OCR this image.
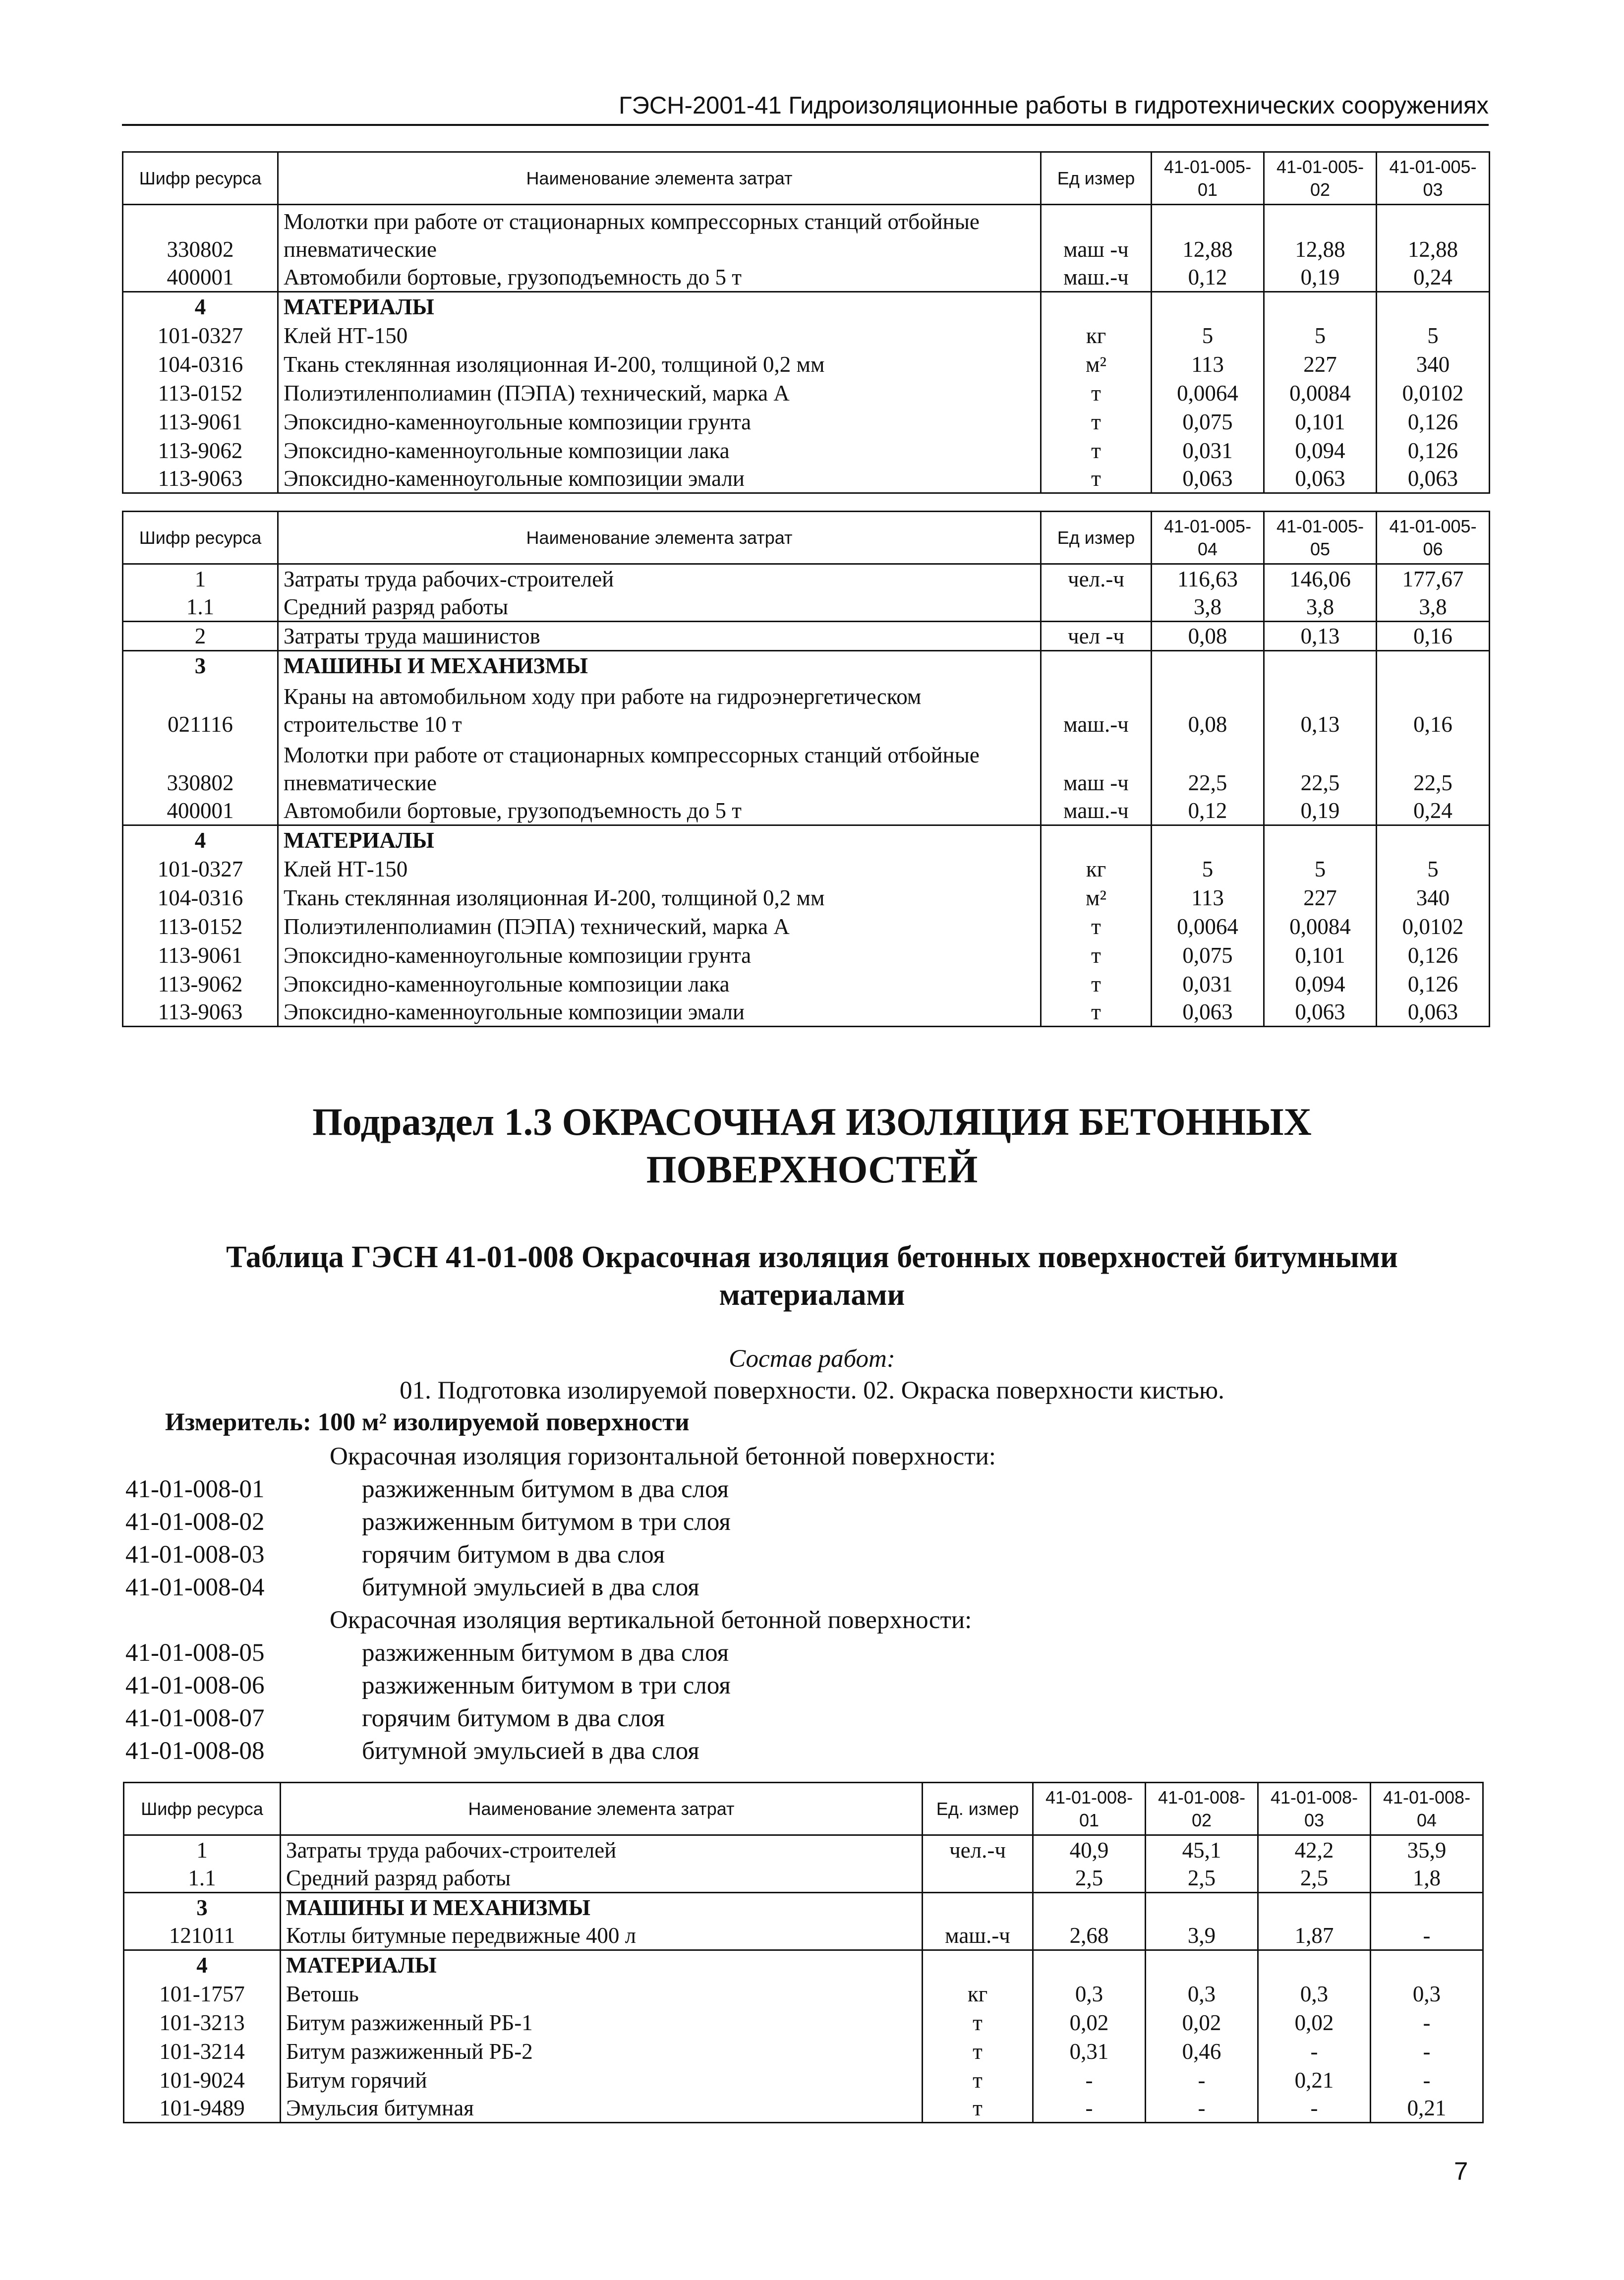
ГЭСН-2001-41 Гидроизоляционные работы в гидротехнических сооружениях
Шифр ресурса	Наименование элемента затрат	Ед измер	41-01-005-01	41-01-005-02	41-01-005-03
330802	Молотки при работе от стационарных компрессорных станций отбойные пневматические	маш -ч	12,88	12,88	12,88
400001	Автомобили бортовые, грузоподъемность до 5 т	маш.-ч	0,12	0,19	0,24
4	МАТЕРИАЛЫ				
101-0327	Клей НТ-150	кг	5	5	5
104-0316	Ткань стеклянная изоляционная И-200, толщиной 0,2 мм	м²	113	227	340
113-0152	Полиэтиленполиамин (ПЭПА) технический, марка А	т	0,0064	0,0084	0,0102
113-9061	Эпоксидно-каменноугольные композиции грунта	т	0,075	0,101	0,126
113-9062	Эпоксидно-каменноугольные композиции лака	т	0,031	0,094	0,126
113-9063	Эпоксидно-каменноугольные композиции эмали	т	0,063	0,063	0,063
Шифр ресурса	Наименование элемента затрат	Ед измер	41-01-005-04	41-01-005-05	41-01-005-06
1	Затраты труда рабочих-строителей	чел.-ч	116,63	146,06	177,67
1.1	Средний разряд работы		3,8	3,8	3,8
2	Затраты труда машинистов	чел -ч	0,08	0,13	0,16
3	МАШИНЫ И МЕХАНИЗМЫ				
021116	Краны на автомобильном ходу при работе на гидроэнергетическом строительстве 10 т	маш.-ч	0,08	0,13	0,16
330802	Молотки при работе от стационарных компрессорных станций отбойные пневматические	маш -ч	22,5	22,5	22,5
400001	Автомобили бортовые, грузоподъемность до 5 т	маш.-ч	0,12	0,19	0,24
4	МАТЕРИАЛЫ				
101-0327	Клей НТ-150	кг	5	5	5
104-0316	Ткань стеклянная изоляционная И-200, толщиной 0,2 мм	м²	113	227	340
113-0152	Полиэтиленполиамин (ПЭПА) технический, марка А	т	0,0064	0,0084	0,0102
113-9061	Эпоксидно-каменноугольные композиции грунта	т	0,075	0,101	0,126
113-9062	Эпоксидно-каменноугольные композиции лака	т	0,031	0,094	0,126
113-9063	Эпоксидно-каменноугольные композиции эмали	т	0,063	0,063	0,063
Подраздел 1.3 ОКРАСОЧНАЯ ИЗОЛЯЦИЯ БЕТОННЫХ
ПОВЕРХНОСТЕЙ
Таблица ГЭСН 41-01-008 Окрасочная изоляция бетонных поверхностей битумными
материалами
Состав работ:
01. Подготовка изолируемой поверхности. 02. Окраска поверхности кистью.
Измеритель: 100 м² изолируемой поверхности
Окрасочная изоляция горизонтальной бетонной поверхности:
41-01-008-01	разжиженным битумом в два слоя
41-01-008-02	разжиженным битумом в три слоя
41-01-008-03	горячим битумом в два слоя
41-01-008-04	битумной эмульсией в два слоя
Окрасочная изоляция вертикальной бетонной поверхности:
41-01-008-05	разжиженным битумом в два слоя
41-01-008-06	разжиженным битумом в три слоя
41-01-008-07	горячим битумом в два слоя
41-01-008-08	битумной эмульсией в два слоя
Шифр ресурса	Наименование элемента затрат	Ед. измер	41-01-008-01	41-01-008-02	41-01-008-03	41-01-008-04
1	Затраты труда рабочих-строителей	чел.-ч	40,9	45,1	42,2	35,9
1.1	Средний разряд работы		2,5	2,5	2,5	1,8
3	МАШИНЫ И МЕХАНИЗМЫ					
121011	Котлы битумные передвижные 400 л	маш.-ч	2,68	3,9	1,87	-
4	МАТЕРИАЛЫ					
101-1757	Ветошь	кг	0,3	0,3	0,3	0,3
101-3213	Битум разжиженный РБ-1	т	0,02	0,02	0,02	-
101-3214	Битум разжиженный РБ-2	т	0,31	0,46	-	-
101-9024	Битум горячий	т	-	-	0,21	-
101-9489	Эмульсия битумная	т	-	-	-	0,21
7
